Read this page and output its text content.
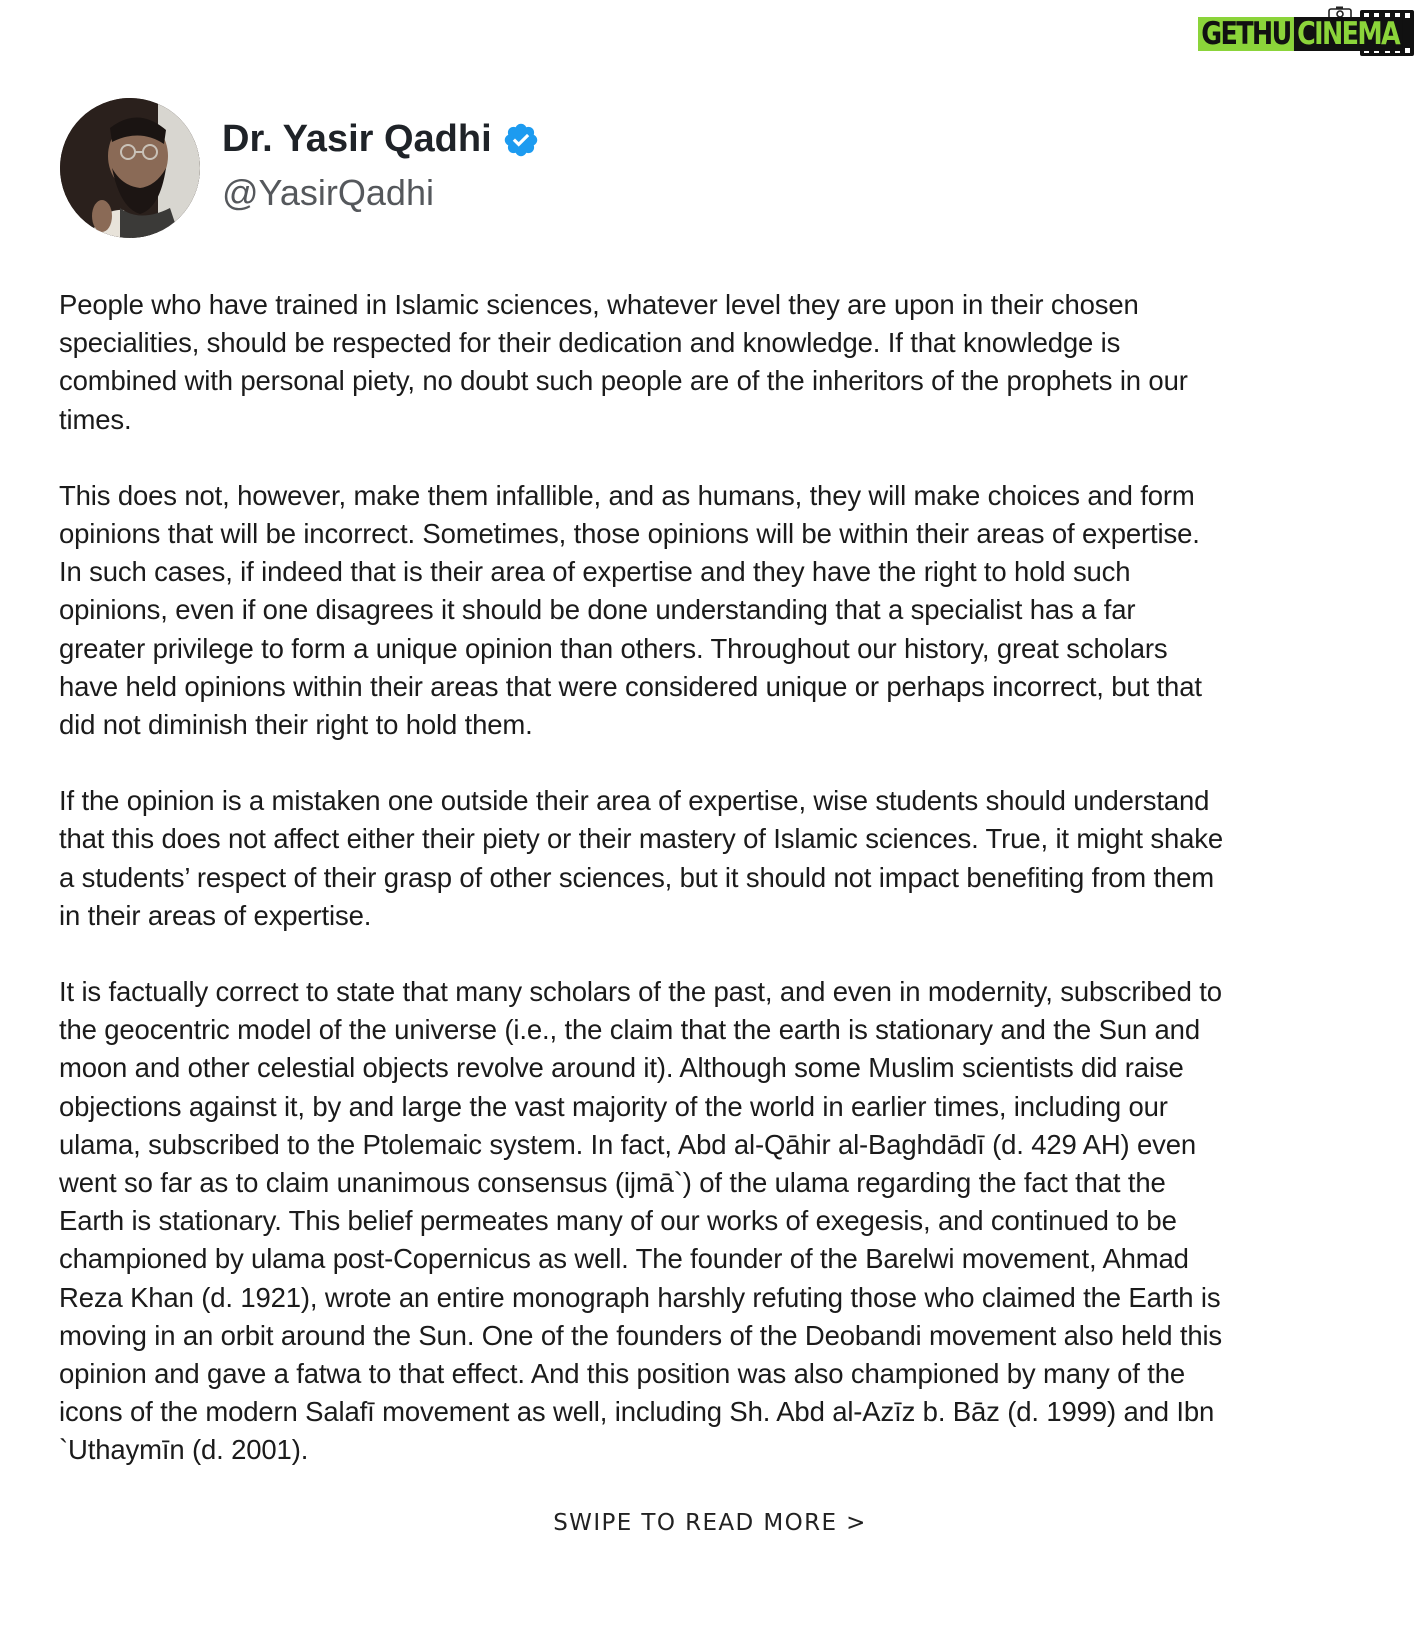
GETHU CINEMA
Dr. Yasir Qadhi
@YasirQadhi
People who have trained in Islamic sciences, whatever level they are upon in their chosen
specialities, should be respected for their dedication and knowledge. If that knowledge is
combined with personal piety, no doubt such people are of the inheritors of the prophets in our
times.
This does not, however, make them infallible, and as humans, they will make choices and form
opinions that will be incorrect. Sometimes, those opinions will be within their areas of expertise.
In such cases, if indeed that is their area of expertise and they have the right to hold such
opinions, even if one disagrees it should be done understanding that a specialist has a far
greater privilege to form a unique opinion than others. Throughout our history, great scholars
have held opinions within their areas that were considered unique or perhaps incorrect, but that
did not diminish their right to hold them.
If the opinion is a mistaken one outside their area of expertise, wise students should understand
that this does not affect either their piety or their mastery of Islamic sciences. True, it might shake
a students’ respect of their grasp of other sciences, but it should not impact benefiting from them
in their areas of expertise.
It is factually correct to state that many scholars of the past, and even in modernity, subscribed to
the geocentric model of the universe (i.e., the claim that the earth is stationary and the Sun and
moon and other celestial objects revolve around it). Although some Muslim scientists did raise
objections against it, by and large the vast majority of the world in earlier times, including our
ulama, subscribed to the Ptolemaic system. In fact, Abd al-Qāhir al-Baghdādī (d. 429 AH) even
went so far as to claim unanimous consensus (ijmā`) of the ulama regarding the fact that the
Earth is stationary. This belief permeates many of our works of exegesis, and continued to be
championed by ulama post-Copernicus as well. The founder of the Barelwi movement, Ahmad
Reza Khan (d. 1921), wrote an entire monograph harshly refuting those who claimed the Earth is
moving in an orbit around the Sun. One of the founders of the Deobandi movement also held this
opinion and gave a fatwa to that effect. And this position was also championed by many of the
icons of the modern Salafī movement as well, including Sh. Abd al-Azīz b. Bāz (d. 1999) and Ibn
`Uthaymīn (d. 2001).
SWIPE TO READ MORE >
